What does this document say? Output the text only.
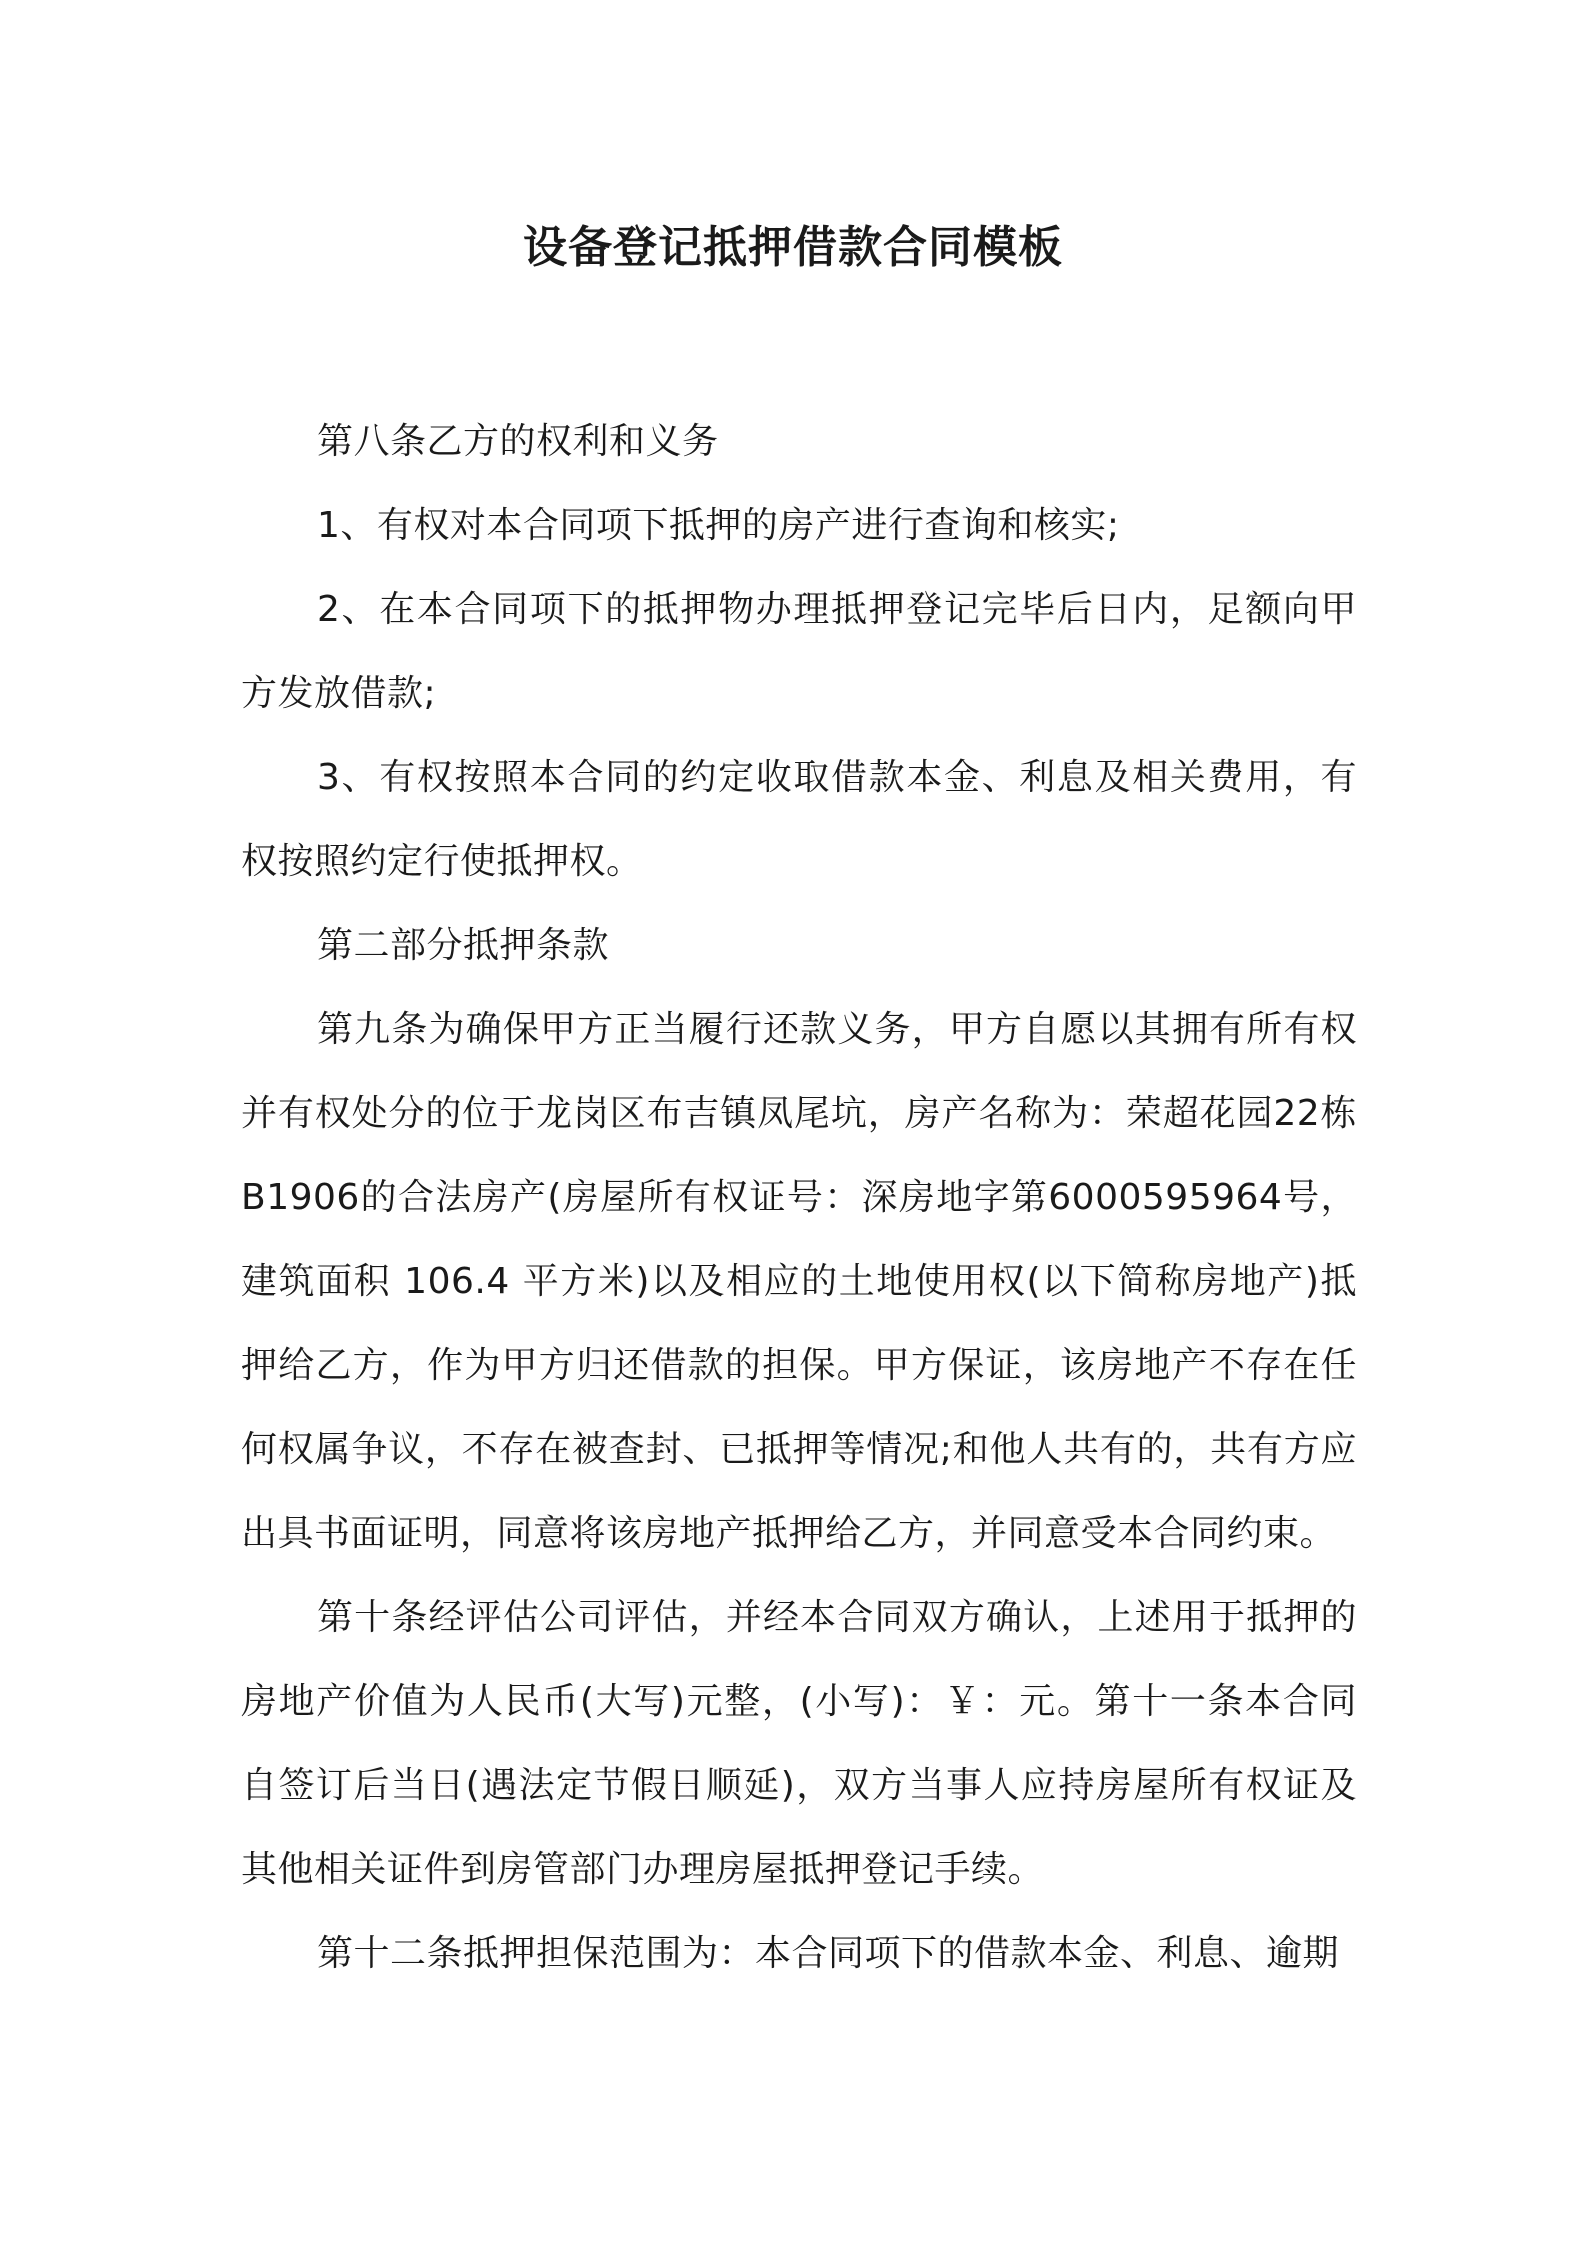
设备登记抵押借款合同模板

第八条乙方的权利和义务

1、有权对本合同项下抵押的房产进行查询和核实;

2、在本合同项下的抵押物办理抵押登记完毕后日内，足额向甲方发放借款;

3、有权按照本合同的约定收取借款本金、利息及相关费用，有权按照约定行使抵押权。

第二部分抵押条款

第九条为确保甲方正当履行还款义务，甲方自愿以其拥有所有权并有权处分的位于龙岗区布吉镇凤尾坑，房产名称为：荣超花园22栋B1906的合法房产(房屋所有权证号：深房地字第6000595964号，建筑面积 106.4 平方米)以及相应的土地使用权(以下简称房地产)抵押给乙方，作为甲方归还借款的担保。甲方保证，该房地产不存在任何权属争议，不存在被查封、已抵押等情况;和他人共有的，共有方应出具书面证明，同意将该房地产抵押给乙方，并同意受本合同约束。

第十条经评估公司评估，并经本合同双方确认，上述用于抵押的房地产价值为人民币(大写)元整，(小写)：￥：元。第十一条本合同自签订后当日(遇法定节假日顺延)，双方当事人应持房屋所有权证及其他相关证件到房管部门办理房屋抵押登记手续。

第十二条抵押担保范围为：本合同项下的借款本金、利息、逾期
